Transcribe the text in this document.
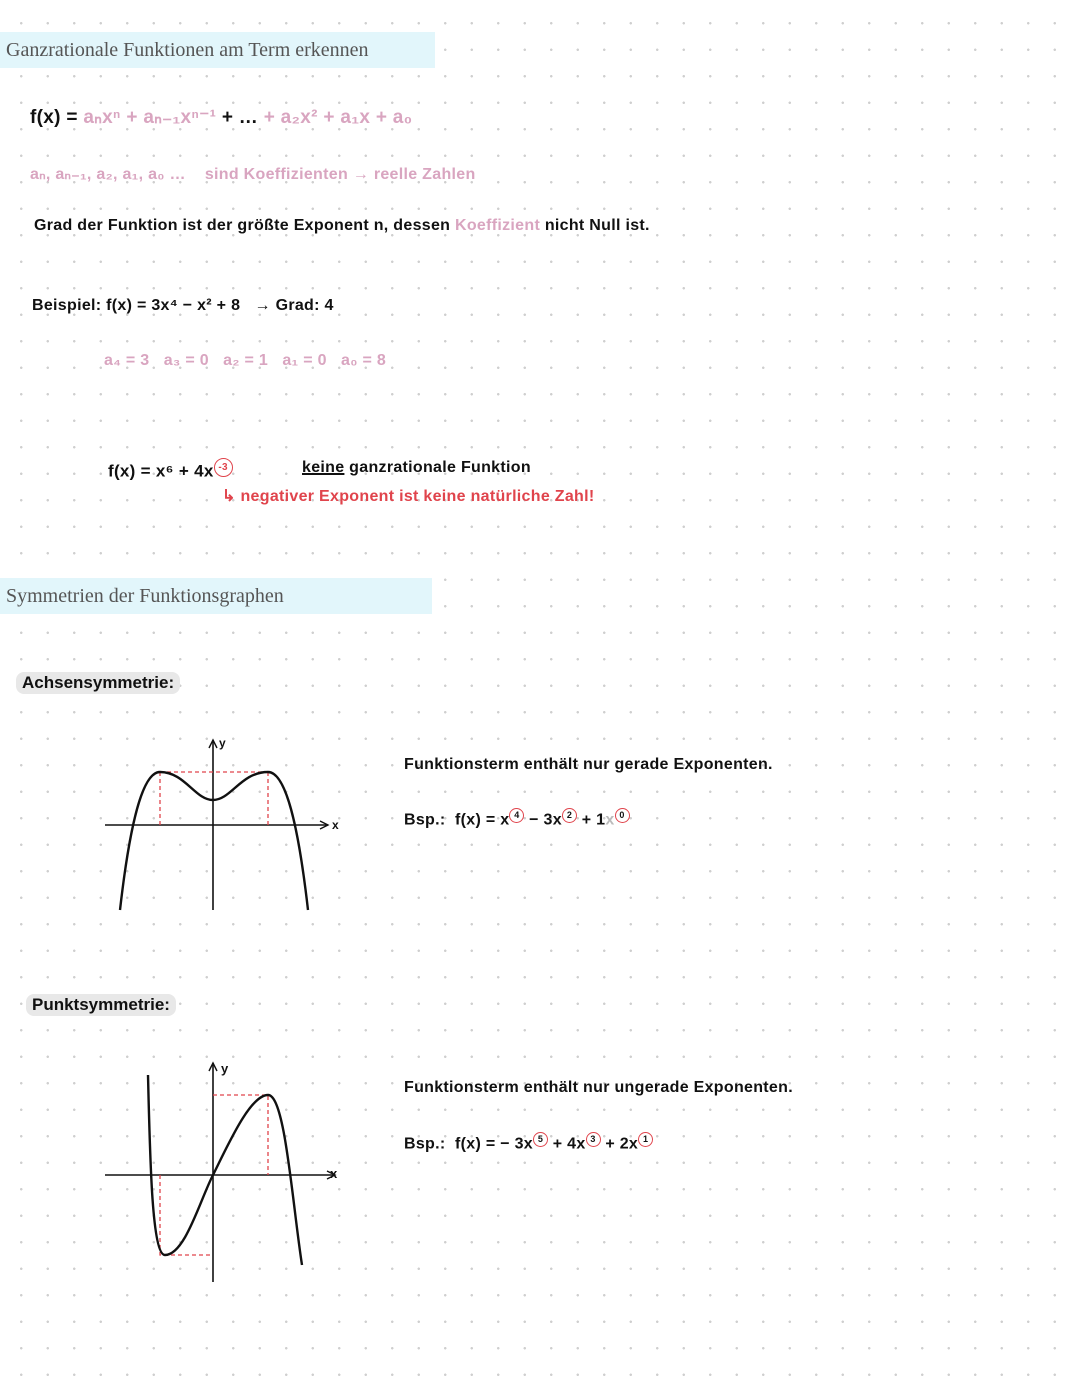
Ganzrationale Funktionen am Term erkennen
f(x) = aₙxⁿ + aₙ₋₁xⁿ⁻¹ + … + a₂x² + a₁x + a₀
aₙ, aₙ₋₁, a₂, a₁, a₀ … sind Koeffizienten → reelle Zahlen
Grad der Funktion ist der größte Exponent n, dessen Koeffizient nicht Null ist.
Beispiel: f(x) = 3x⁴ − x² + 8 → Grad: 4
a₄ = 3   a₃ = 0   a₂ = 1   a₁ = 0   a₀ = 8
f(x) = x⁶ + 4x -3	keine ganzrationale Funktion
↳ negativer Exponent ist keine natürliche Zahl!
Symmetrien der Funktionsgraphen
Achsensymmetrie:
Punktsymmetrie:
y
x
y
x
Funktionsterm enthält nur gerade Exponenten.
Bsp.: f(x) = x 4 − 3x 2 + 1x 0
Funktionsterm enthält nur ungerade Exponenten.
Bsp.: f(x) = − 3x 5 + 4x 3 + 2x 1
